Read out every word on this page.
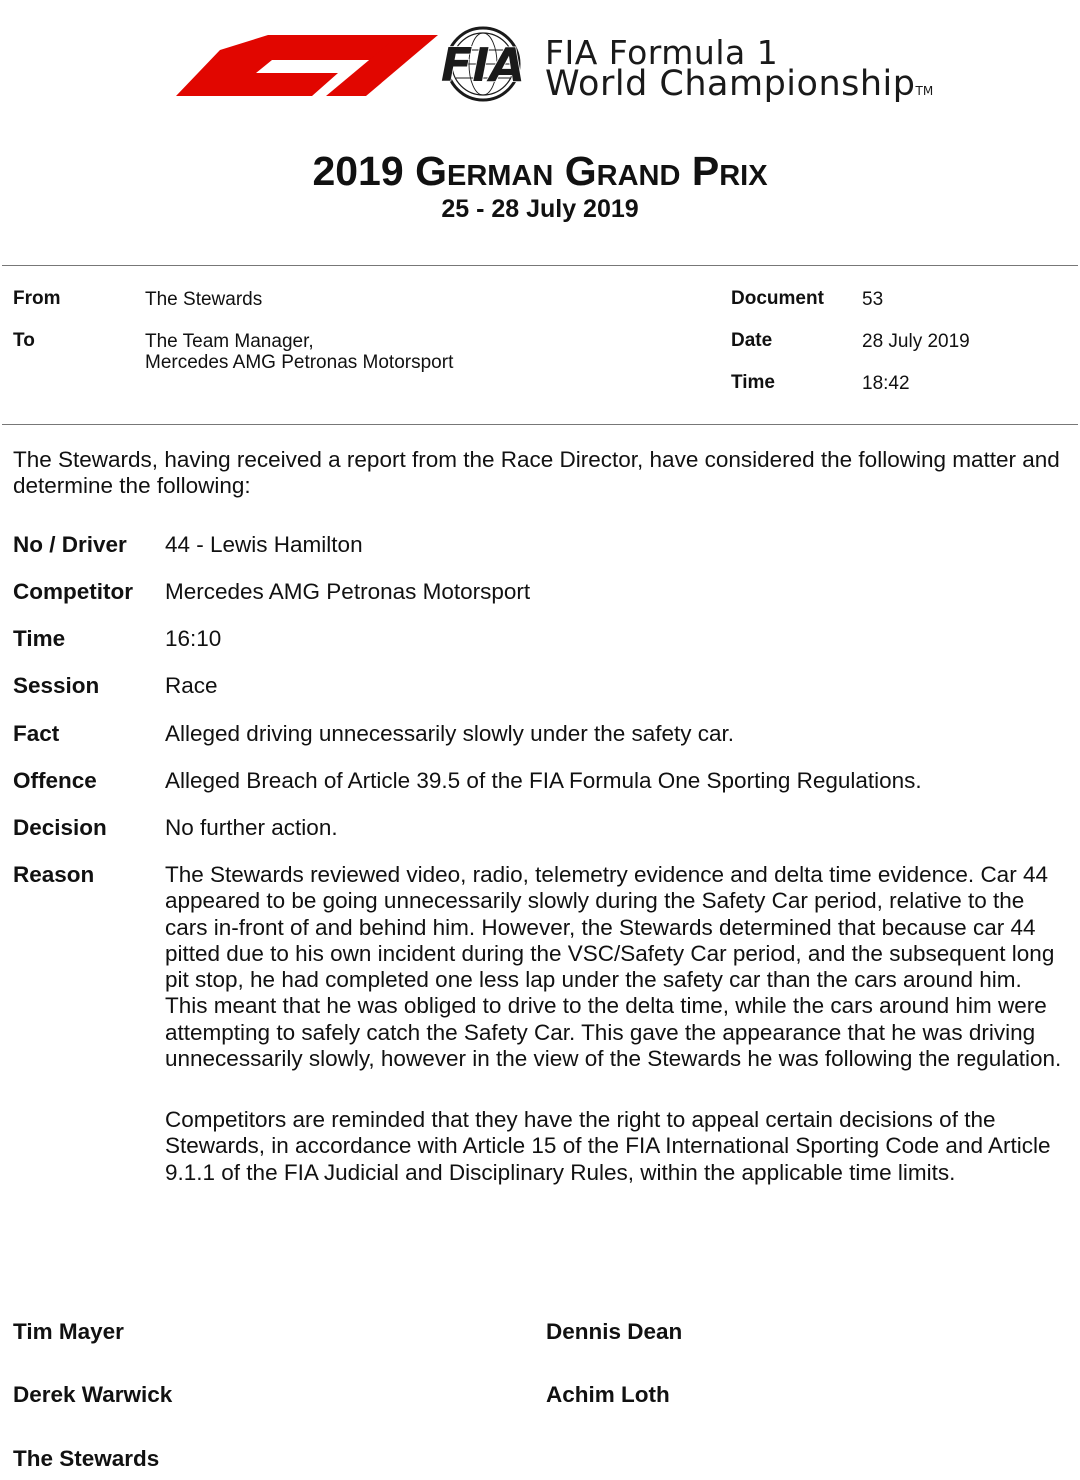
FIA FIA Formula 1
World ChampionshipTM
2019 German Grand Prix
25 - 28 July 2019
From	The Stewards
To	The Team Manager,
Mercedes AMG Petronas Motorsport
Document 53
Date	28 July 2019
Time	18:42
The Stewards, having received a report from the Race Director, have considered the following matter and determine the following:
No / Driver 44 - Lewis Hamilton
Competitor Mercedes AMG Petronas Motorsport
Time	16:10
Session	Race
Fact	Alleged driving unnecessarily slowly under the safety car.
Offence	Alleged Breach of Article 39.5 of the FIA Formula One Sporting Regulations.
Decision	No further action.
Reason	The Stewards reviewed video, radio, telemetry evidence and delta time evidence. Car 44 appeared to be going unnecessarily slowly during the Safety Car period, relative to the cars in-front of and behind him. However, the Stewards determined that because car 44 pitted due to his own incident during the VSC/Safety Car period, and the subsequent long pit stop, he had completed one less lap under the safety car than the cars around him. This meant that he was obliged to drive to the delta time, while the cars around him were attempting to safely catch the Safety Car. This gave the appearance that he was driving unnecessarily slowly, however in the view of the Stewards he was following the regulation.
Competitors are reminded that they have the right to appeal certain decisions of the Stewards, in accordance with Article 15 of the FIA International Sporting Code and Article 9.1.1 of the FIA Judicial and Disciplinary Rules, within the applicable time limits.
Tim Mayer	Dennis Dean
Derek Warwick	Achim Loth
The Stewards
